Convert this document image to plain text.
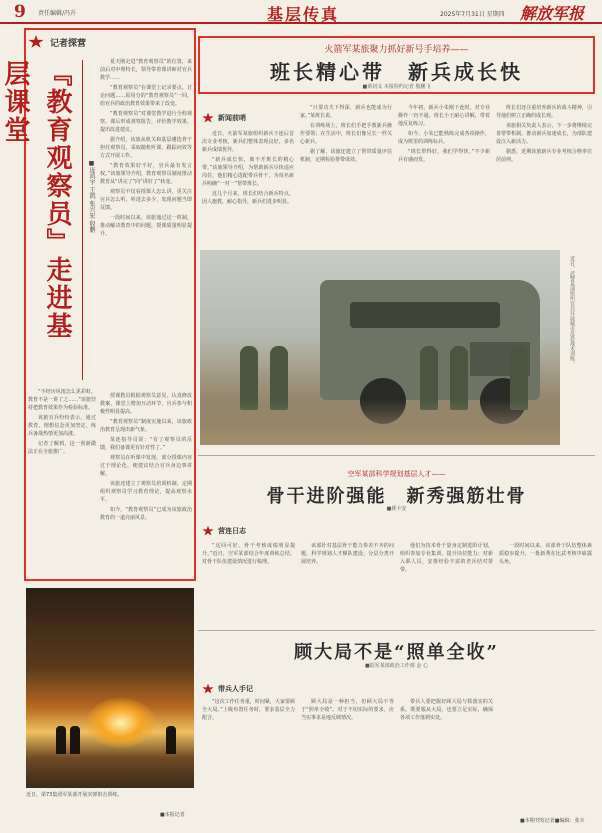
9 责任编辑/冯升	基层传真	2025年7月31日 星期四 解放军报
记者探营
『教育观察员』走进基层课堂
■庞鸿宇 王凯 张兴宏 殷鹏

夏天刚走进“教育观察员”的位置，来前后对中理特长，领导带着课讲师对官兵教学……

“教育观察员”在课堂上记录要点、讨论问题……原用分的“教育观察员”一回，给官兵的政治教育效果带来了改变。

“教育观察员”对课堂教学进行全程观察，课后形成观察报告，评价教学效果，提出改进建议。

据介绍，该旅从机关和基层遴选骨干担任观察员，采取随机听课、跟踪问效等方式开展工作。

“教育效果好不好，官兵最有发言权。”该旅领导介绍，教育观察员制度推动教育从“讲完了”向“讲好了”转变。

观察员不仅看授课人怎么讲，更关注官兵怎么听、听进去多少，发现问题当即反馈。

一段时间以来，该旅通过这一机制，推动解决教育中的问题，授课质量明显提升。

授课教员根据观察员意见，认真修改教案，课堂上增加互动环节，官兵参与积极性明显提高。

“教育观察员”制度实施以来，该旅政治教育呈现出新气象。

某连指导员说：“有了观察员的反馈，我们备课更有针对性了。”

观察员在听课中发现，部分授课内容过于理论化，便建议结合官兵身边事讲解。

该旅还建立了观察员培训机制，定期组织观察员学习教育理论，提高观察水平。

如今，“教育观察员”已成为该旅政治教育的一道亮丽风景。

“不经历风雨怎么见彩虹，教育不是一讲了之……”该旅坚持把教育效果作为检验标准。

该旅官兵纷纷表示，通过教育，理想信念更加坚定，练兵备战热情更加高涨。

记者了解到，这一创新做法正在全旅推广。

火箭军某旅聚力抓好新号手培养——
班长精心带　新兵成长快
■黄钊义 本报特约记者 殷鹏飞
新闻前哨

近日，火箭军某旅组织新兵下连后首次专业考核，新兵们整体表现良好，多名新兵成绩优异。

“新兵成长快，离不开班长的精心带。”该旅领导介绍，为帮助新兵尽快适应岗位，他们精心选配带兵骨干，为每名新兵明确“一对一”帮带班长。

这几个月来，班长们结合新兵特点，因人施教，耐心指导，新兵们进步明显。

“只要功夫下得深，新兵也能成为行家。”某班长说。

在训练场上，班长们手把手教新兵操作要领；在生活中，班长们像兄长一样关心新兵。

据了解，该旅还建立了帮带质量评估机制，定期检验帮带成效。

今年初，新兵小朱刚下连时，对专业操作一窍不通。班长小王耐心讲解，带着他反复练习。

如今，小朱已能熟练完成各项操作，成为班里的训练标兵。

“班长带得好，我们学得快。”不少新兵有感而发。

班长们还注重培养新兵的战斗精神，引导他们树立正确的成长观。

该旅相关负责人表示，下一步将继续完善帮带机制，推动新兵加速成长，为部队建设注入新活力。

据悉，近期该旅新兵专业考核合格率位居前列。

近日，武警某部组织官兵开展城市反恐战术训练。
空军某部科学规划基层人才——
骨干进阶强能　新秀强筋壮骨
■姚卡安
营连日志

“这回可好，骨干考核成绩明显提升。”近日，空军某部结合年度训练总结，对骨干队伍建设情况进行梳理。

该部针对基层骨干能力参差不齐的问题，科学规划人才梯队建设，分层分类开展培养。

他们为技术骨干量身定制进阶计划，组织参加专业集训，提升岗位能力；对新入职人员，安排经验丰富的老兵结对帮带。

一段时间以来，该部骨干队伍整体素质稳步提升，一批新秀在比武考核中崭露头角。

顾大局不是“照单全收”
■陆军某部政治工作部 金 心
带兵人手记

“这次工作任务重，时间紧，大家要顾全大局。”上级布置任务时，要求基层全力配合。

顾大局是一种担当，但顾大局不等于“照单全收”。对于不切实际的要求，应当实事求是地反映情况。

带兵人要把握好顾大局与抓落实的关系，既要服从大局，也要立足实际，确保各项工作落到实处。

■本期刊发记者■编辑：张卉
近日，第73集团军某部开展实弹射击训练。
■本报记者
